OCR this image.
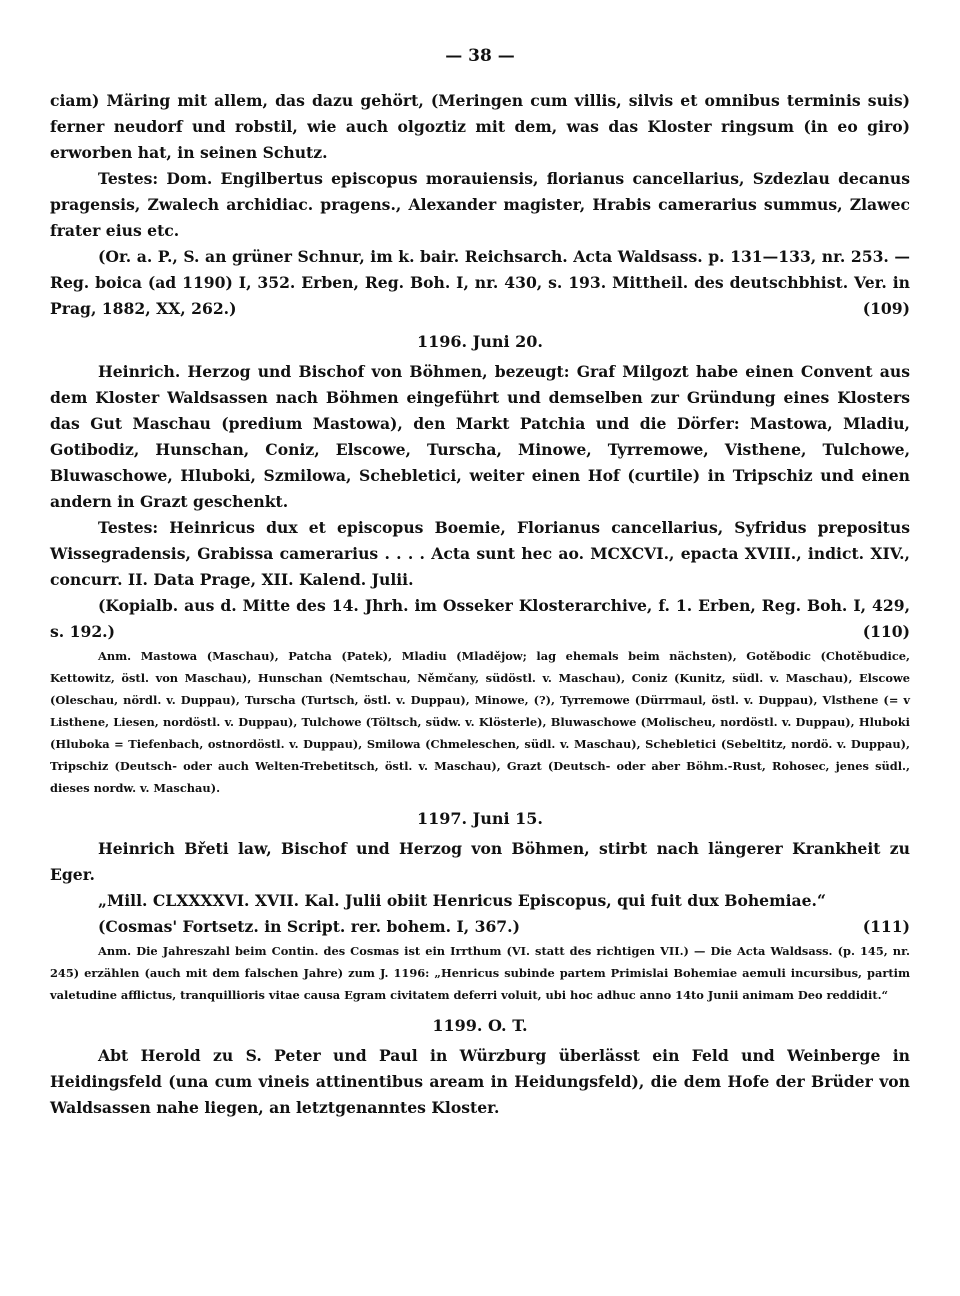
— 38 —

ciam) Märing mit allem, das dazu gehört, (Meringen cum villis, silvis et omnibus terminis suis) ferner neudorf und robstil, wie auch olgoztiz mit dem, was das Kloster ringsum (in eo giro) erworben hat, in seinen Schutz.

Testes: Dom. Engilbertus episcopus morauiensis, florianus cancellarius, Szdezlau decanus pragensis, Zwalech archidiac. pragens., Alexander magister, Hrabis camerarius summus, Zlawec frater eius etc.

(Or. a. P., S. an grüner Schnur, im k. bair. Reichsarch. Acta Waldsass. p. 131—133, nr. 253. — Reg. boica (ad 1190) I, 352. Erben, Reg. Boh. I, nr. 430, s. 193. Mittheil. des deutschbhist. Ver. in Prag, 1882, XX, 262.)	(109)

1196. Juni 20.

Heinrich. Herzog und Bischof von Böhmen, bezeugt: Graf Milgozt habe einen Convent aus dem Kloster Waldsassen nach Böhmen eingeführt und demselben zur Gründung eines Klosters das Gut Maschau (predium Mastowa), den Markt Patchia und die Dörfer: Mastowa, Mladiu, Gotibodiz, Hunschan, Coniz, Elscowe, Turscha, Minowe, Tyrremowe, Visthene, Tulchowe, Bluwaschowe, Hluboki, Szmilowa, Schebletici, weiter einen Hof (curtile) in Tripschiz und einen andern in Grazt geschenkt.

Testes: Heinricus dux et episcopus Boemie, Florianus cancellarius, Syfridus prepositus Wissegradensis, Grabissa camerarius . . . . Acta sunt hec ao. MCXCVI., epacta XVIII., indict. XIV., concurr. II. Data Prage, XII. Kalend. Julii.

(Kopialb. aus d. Mitte des 14. Jhrh. im Osseker Klosterarchive, f. 1. Erben, Reg. Boh. I, 429, s. 192.)	(110)

Anm. Mastowa (Maschau), Patcha (Patek), Mladiu (Mladějow; lag ehemals beim nächsten), Gotěbodic (Chotěbudice, Kettowitz, östl. von Maschau), Hunschan (Nemtschau, Němčany, südöstl. v. Maschau), Coniz (Kunitz, südl. v. Maschau), Elscowe (Oleschau, nördl. v. Duppau), Turscha (Turtsch, östl. v. Duppau), Minowe, (?), Tyrremowe (Dürrmaul, östl. v. Duppau), Vlsthene (= v Listhene, Liesen, nordöstl. v. Duppau), Tulchowe (Töltsch, südw. v. Klösterle), Bluwaschowe (Molischeu, nordöstl. v. Duppau), Hluboki (Hluboka = Tiefenbach, ostnordöstl. v. Duppau), Smilowa (Chmeleschen, südl. v. Maschau), Schebletici (Sebeltitz, nordö. v. Duppau), Tripschiz (Deutsch- oder auch Welten-Trebetitsch, östl. v. Maschau), Grazt (Deutsch- oder aber Böhm.-Rust, Rohosec, jenes südl., dieses nordw. v. Maschau).

1197. Juni 15.

Heinrich Břeti law, Bischof und Herzog von Böhmen, stirbt nach längerer Krankheit zu Eger.

„Mill. CLXXXXVI. XVII. Kal. Julii obiit Henricus Episcopus, qui fuit dux Bohemiae.“

(Cosmas' Fortsetz. in Script. rer. bohem. I, 367.)	(111)

Anm. Die Jahreszahl beim Contin. des Cosmas ist ein Irrthum (VI. statt des richtigen VII.) — Die Acta Waldsass. (p. 145, nr. 245) erzählen (auch mit dem falschen Jahre) zum J. 1196: „Henricus subinde partem Primislai Bohemiae aemuli incursibus, partim valetudine afflictus, tranquillioris vitae causa Egram civitatem deferri voluit, ubi hoc adhuc anno 14to Junii animam Deo reddidit.“

1199. O. T.

Abt Herold zu S. Peter und Paul in Würzburg überlässt ein Feld und Weinberge in Heidingsfeld (una cum vineis attinentibus aream in Heidungsfeld), die dem Hofe der Brüder von Waldsassen nahe liegen, an letztgenanntes Kloster.
